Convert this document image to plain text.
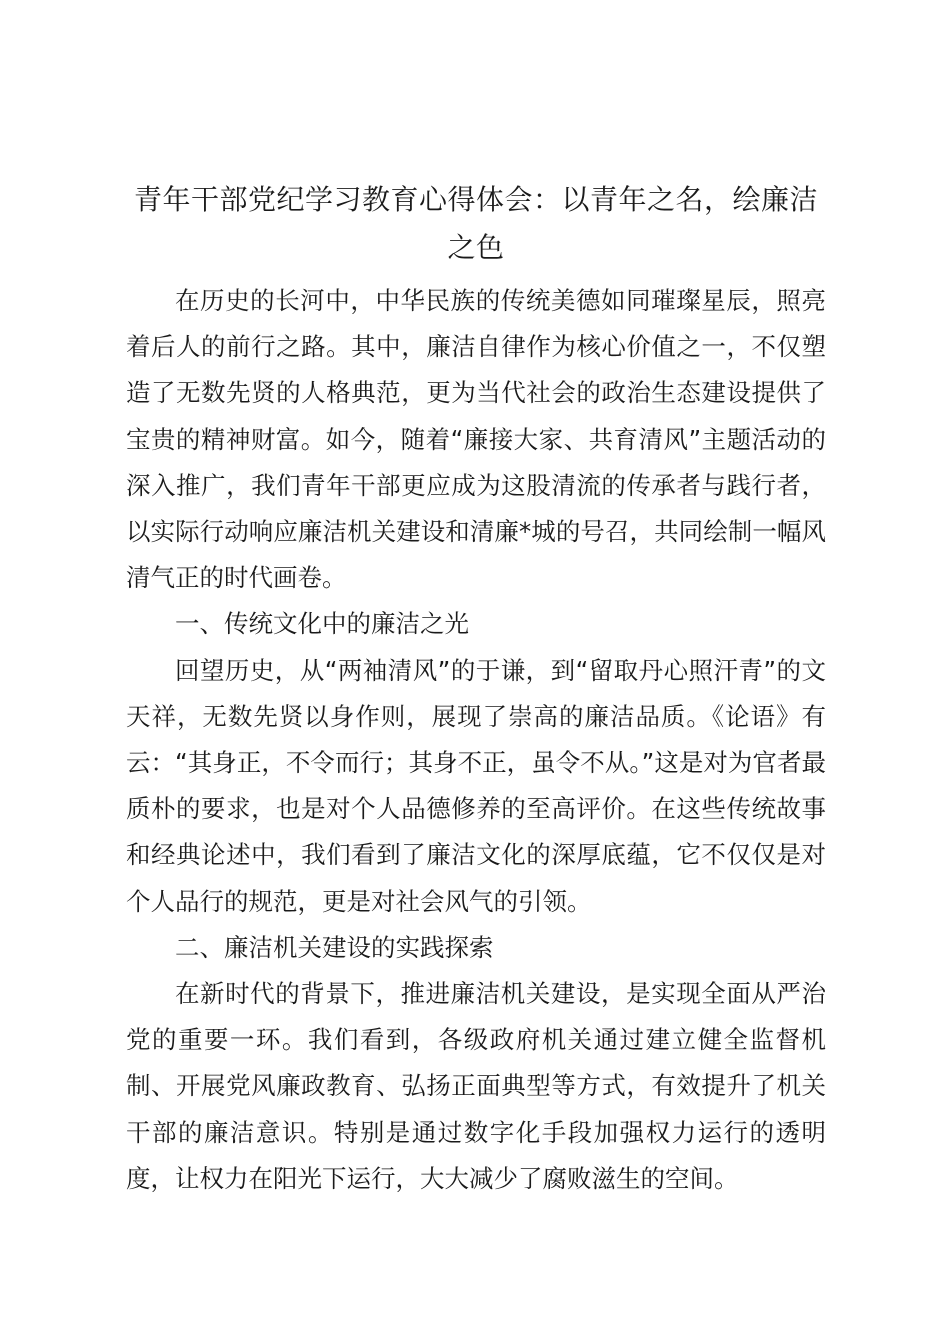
青年干部党纪学习教育心得体会：以青年之名，绘廉洁之色

在历史的长河中，中华民族的传统美德如同璀璨星辰，照亮着后人的前行之路。其中，廉洁自律作为核心价值之一，不仅塑造了无数先贤的人格典范，更为当代社会的政治生态建设提供了宝贵的精神财富。如今，随着“廉接大家、共育清风”主题活动的深入推广，我们青年干部更应成为这股清流的传承者与践行者，以实际行动响应廉洁机关建设和清廉*城的号召，共同绘制一幅风清气正的时代画卷。

一、传统文化中的廉洁之光

回望历史，从“两袖清风”的于谦，到“留取丹心照汗青”的文天祥，无数先贤以身作则，展现了崇高的廉洁品质。《论语》有云：“其身正，不令而行；其身不正，虽令不从。”这是对为官者最质朴的要求，也是对个人品德修养的至高评价。在这些传统故事和经典论述中，我们看到了廉洁文化的深厚底蕴，它不仅仅是对个人品行的规范，更是对社会风气的引领。

二、廉洁机关建设的实践探索

在新时代的背景下，推进廉洁机关建设，是实现全面从严治党的重要一环。我们看到，各级政府机关通过建立健全监督机制、开展党风廉政教育、弘扬正面典型等方式，有效提升了机关干部的廉洁意识。特别是通过数字化手段加强权力运行的透明度，让权力在阳光下运行，大大减少了腐败滋生的空间。
